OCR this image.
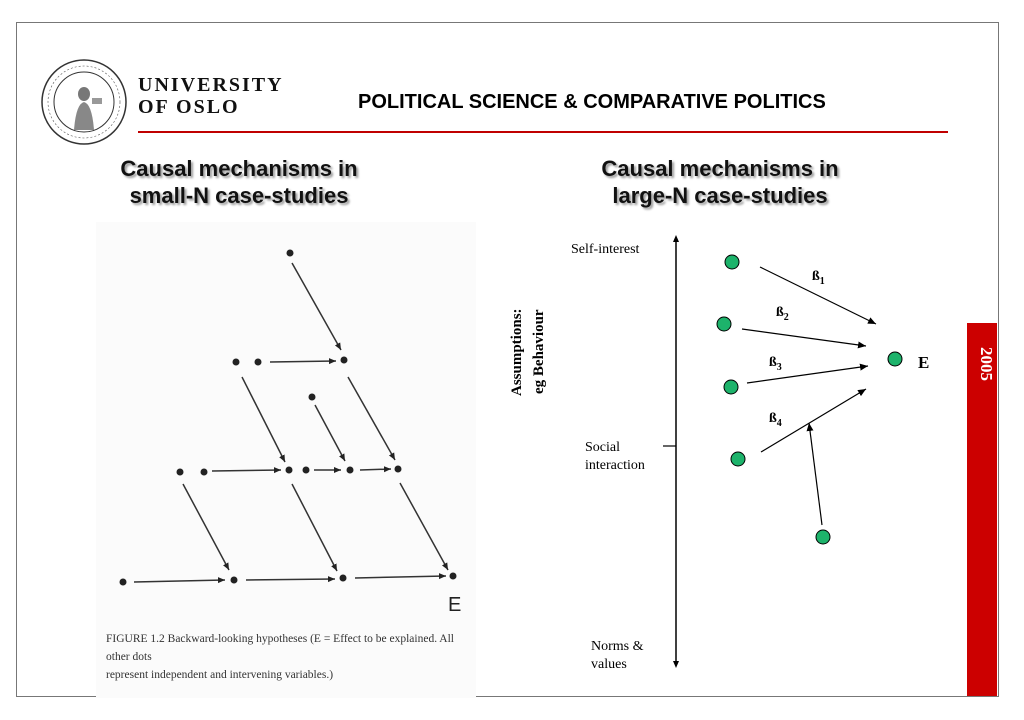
UNIVERSITY
OF OSLO	POLITICAL SCIENCE & COMPARATIVE POLITICS
Causal mechanisms in
small-N case-studies
Causal mechanisms in
large-N case-studies
2005
E
FIGURE 1.2 Backward-looking hypotheses (E = Effect to be explained. All other dots
represent independent and intervening variables.)
Assumptions: eg Behaviour
Self-interest
Social
interaction
Norms &
values
$ß_1$
$ß_2$
$ß_3$
$ß_4$
E
